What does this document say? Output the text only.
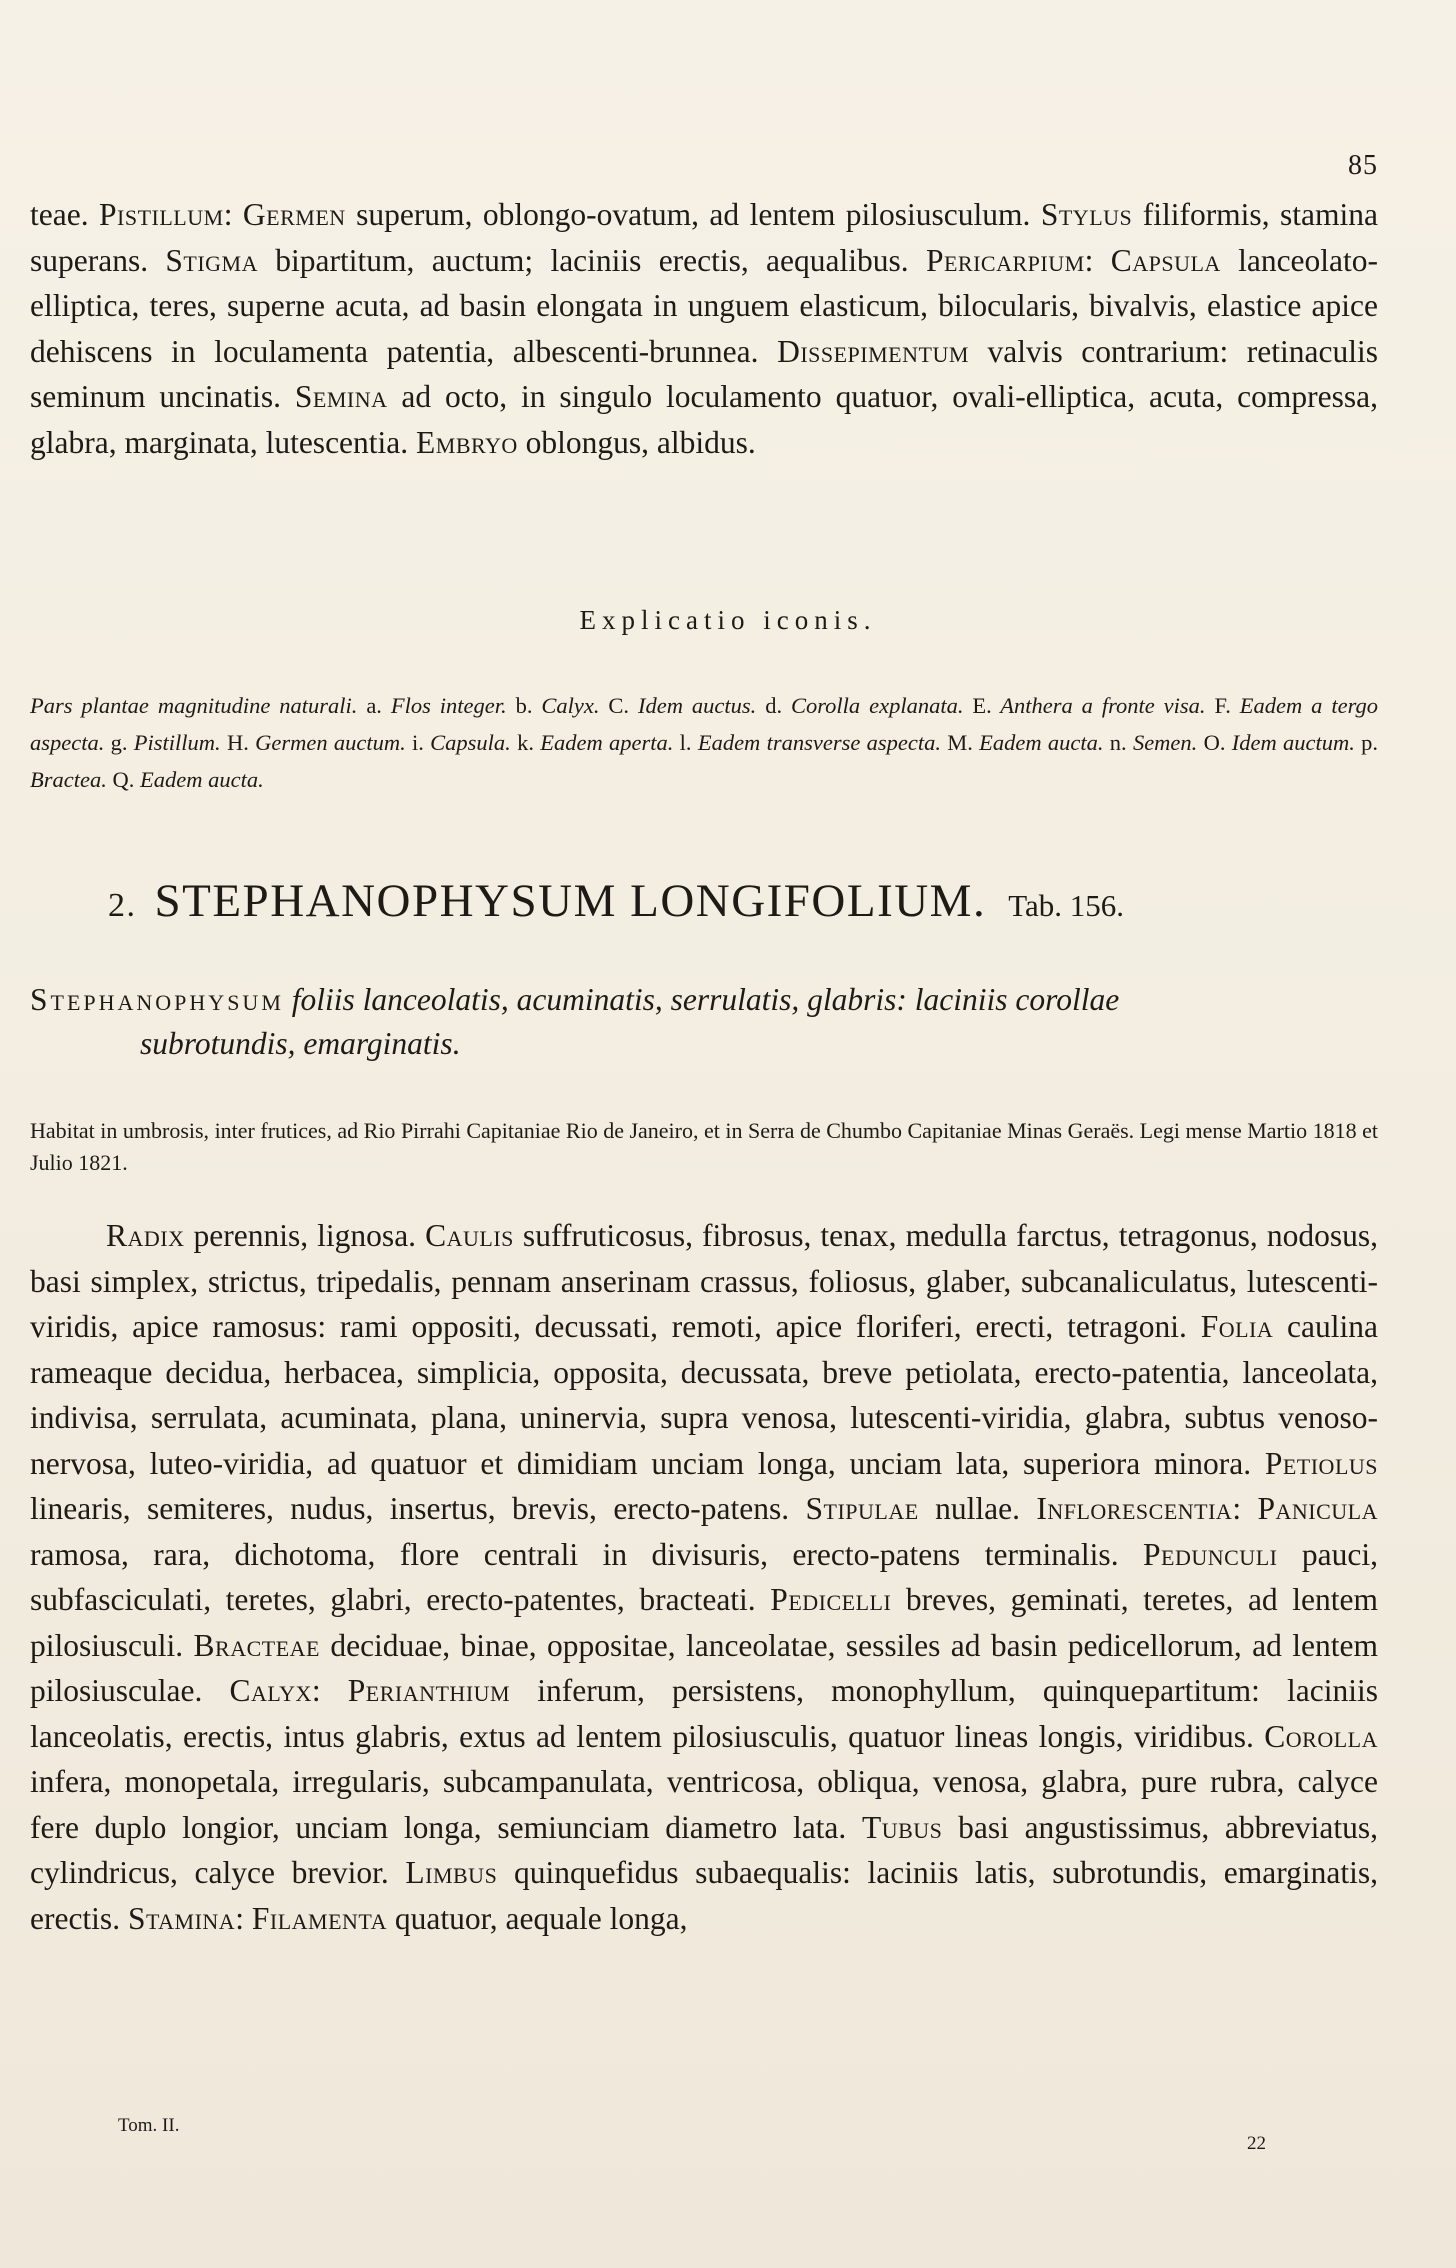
85
teae. Pistillum: Germen superum, oblongo-ovatum, ad lentem pilosiusculum. Stylus filiformis, stamina superans. Stigma bipartitum, auctum; laciniis erectis, aequalibus. Pericarpium: Capsula lanceolato-elliptica, teres, superne acuta, ad basin elongata in unguem elasticum, bilocularis, bivalvis, elastice apice dehiscens in loculamenta patentia, albescenti-brunnea. Dissepimentum valvis contrarium: retinaculis seminum uncinatis. Semina ad octo, in singulo loculamento quatuor, ovali-elliptica, acuta, compressa, glabra, marginata, lutescentia. Embryo oblongus, albidus.
Explicatio iconis.
Pars plantae magnitudine naturali. a. Flos integer. b. Calyx. C. Idem auctus. d. Corolla explanata. E. Anthera a fronte visa. F. Eadem a tergo aspecta. g. Pistillum. H. Germen auctum. i. Capsula. k. Eadem aperta. l. Eadem transverse aspecta. M. Eadem aucta. n. Semen. O. Idem auctum. p. Bractea. Q. Eadem aucta.
2. STEPHANOPHYSUM LONGIFOLIUM. Tab. 156.
Stephanophysum foliis lanceolatis, acuminatis, serrulatis, glabris: laciniis corollae
subrotundis, emarginatis.
Habitat in umbrosis, inter frutices, ad Rio Pirrahi Capitaniae Rio de Janeiro, et in Serra de Chumbo Capitaniae Minas Geraës. Legi mense Martio 1818 et Julio 1821.
Radix perennis, lignosa. Caulis suffruticosus, fibrosus, tenax, medulla farctus, tetragonus, nodosus, basi simplex, strictus, tripedalis, pennam anserinam crassus, foliosus, glaber, subcanaliculatus, lutescenti-viridis, apice ramosus: rami oppositi, decussati, remoti, apice floriferi, erecti, tetragoni. Folia caulina rameaque decidua, herbacea, simplicia, opposita, decussata, breve petiolata, erecto-patentia, lanceolata, indivisa, serrulata, acuminata, plana, uninervia, supra venosa, lutescenti-viridia, glabra, subtus venoso-nervosa, luteo-viridia, ad quatuor et dimidiam unciam longa, unciam lata, superiora minora. Petiolus linearis, semiteres, nudus, insertus, brevis, erecto-patens. Stipulae nullae. Inflorescentia: Panicula ramosa, rara, dichotoma, flore centrali in divisuris, erecto-patens terminalis. Pedunculi pauci, subfasciculati, teretes, glabri, erecto-patentes, bracteati. Pedicelli breves, geminati, teretes, ad lentem pilosiusculi. Bracteae deciduae, binae, oppositae, lanceolatae, sessiles ad basin pedicellorum, ad lentem pilosiusculae. Calyx: Perianthium inferum, persistens, monophyllum, quinquepartitum: laciniis lanceolatis, erectis, intus glabris, extus ad lentem pilosiusculis, quatuor lineas longis, viridibus. Corolla infera, monopetala, irregularis, subcampanulata, ventricosa, obliqua, venosa, glabra, pure rubra, calyce fere duplo longior, unciam longa, semiunciam diametro lata. Tubus basi angustissimus, abbreviatus, cylindricus, calyce brevior. Limbus quinquefidus subaequalis: laciniis latis, subrotundis, emarginatis, erectis. Stamina: Filamenta quatuor, aequale longa,
Tom. II.
22
